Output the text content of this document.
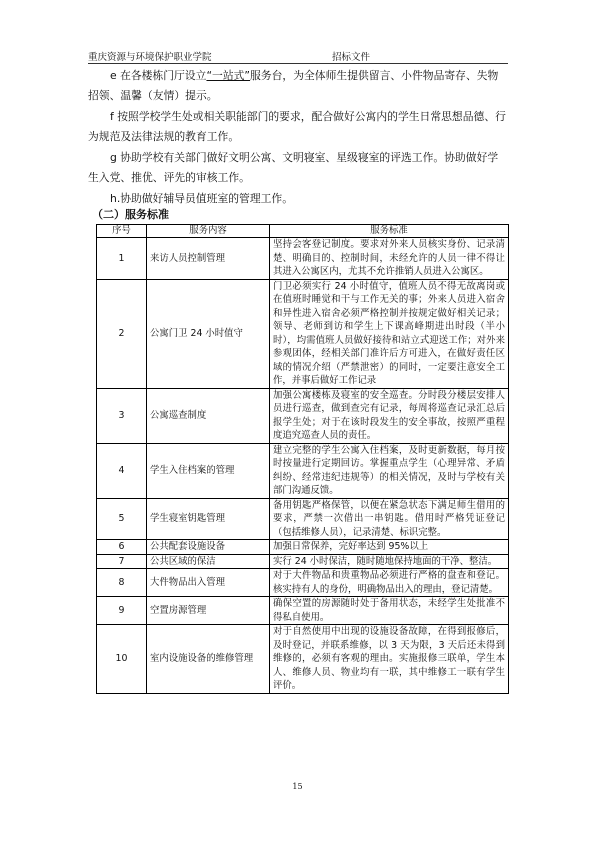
重庆资源与环境保护职业学院	招标文件
e 在各楼栋门厅设立“一站式”服务台，为全体师生提供留言、小件物品寄存、失物招领、温馨（友情）提示。
f 按照学校学生处或相关职能部门的要求，配合做好公寓内的学生日常思想品德、行为规范及法律法规的教育工作。
g 协助学校有关部门做好文明公寓、文明寝室、星级寝室的评选工作。协助做好学生入党、推优、评先的审核工作。
h.协助做好辅导员值班室的管理工作。
（二）服务标准
序号	服务内容	服务标准
1	来访人员控制管理	坚持会客登记制度。要求对外来人员核实身份、记录清楚、明确目的、控制时间，未经允许的人员一律不得让其进入公寓区内，尤其不允许推销人员进入公寓区。
2	公寓门卫 24 小时值守	门卫必须实行 24 小时值守，值班人员不得无故离岗或在值班时睡觉和干与工作无关的事；外来人员进入宿舍和异性进入宿舍必须严格控制并按规定做好相关记录；领导、老师到访和学生上下课高峰期进出时段（半小时），均需值班人员做好接待和站立式迎送工作；对外来参观团体，经相关部门准许后方可进入，在做好责任区域的情况介绍（严禁泄密）的同时，一定要注意安全工作，并事后做好工作记录
3	公寓巡查制度	加强公寓楼栋及寝室的安全巡查。分时段分楼层安排人员进行巡查，做到查完有记录，每周将巡查记录汇总后报学生处；对于在该时段发生的安全事故，按照严重程度追究巡查人员的责任。
4	学生入住档案的管理	建立完整的学生公寓入住档案，及时更新数据，每月按时按量进行定期回访。掌握重点学生（心理异常、矛盾纠纷、经常违纪违规等）的相关情况，及时与学校有关部门沟通反馈。
5	学生寝室钥匙管理	备用钥匙严格保管，以便在紧急状态下满足师生借用的要求，严禁一次借出一串钥匙。借用时严格凭证登记（包括维修人员），记录清楚、标识完整。
6	公共配套设施设备	加强日常保养，完好率达到 95%以上
7	公共区域的保洁	实行 24 小时保洁，随时随地保持地面的干净、整洁。
8	大件物品出入管理	对于大件物品和贵重物品必须进行严格的盘查和登记。核实持有人的身份，明确物品出入的理由，登记清楚。
9	空置房源管理	确保空置的房源随时处于备用状态，未经学生处批准不得私自使用。
10	室内设施设备的维修管理	对于自然使用中出现的设施设备故障，在得到报修后，及时登记，并联系维修，以 3 天为限，3 天后还未得到维修的，必须有客观的理由。实施报修三联单，学生本人、维修人员、物业均有一联，其中维修工一联有学生评价。
15
